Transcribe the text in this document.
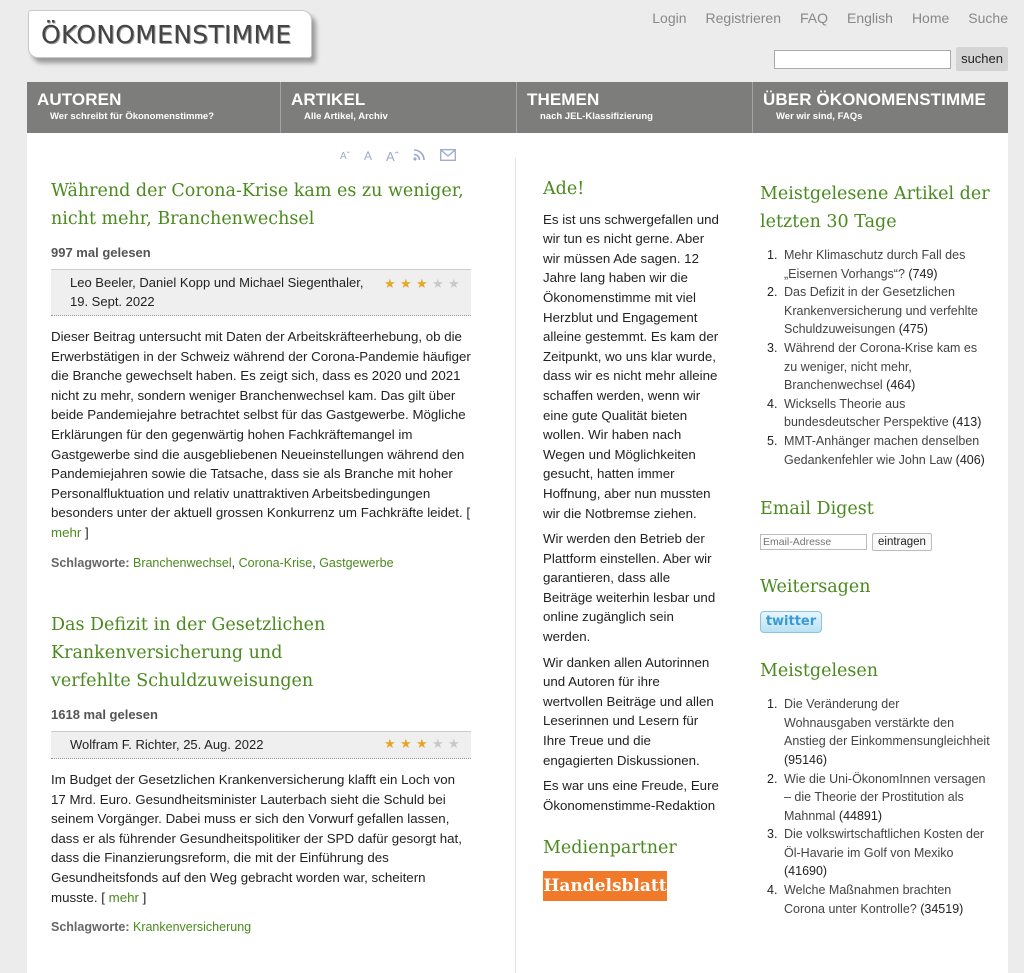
ÖKONOMENSTIMME
Login Registrieren FAQ English Home Suche
suchen
AUTOREN
Wer schreibt für Ökonomenstimme?
ARTIKEL
Alle Artikel, Archiv
THEMEN
nach JEL-Klassifizierung
ÜBER ÖKONOMENSTIMME
Wer wir sind, FAQs
Aˇ A Aˆ
Während der Corona-Krise kam es zu weniger, nicht mehr, Branchenwechsel
997 mal gelesen
Leo Beeler, Daniel Kopp und Michael Siegenthaler,
19. Sept. 2022
★ ★ ★ ★ ★
Dieser Beitrag untersucht mit Daten der Arbeitskräfteerhebung, ob die Erwerbstätigen in der Schweiz während der Corona-Pandemie häufiger die Branche gewechselt haben. Es zeigt sich, dass es 2020 und 2021 nicht zu mehr, sondern weniger Branchenwechsel kam. Das gilt über beide Pandemiejahre betrachtet selbst für das Gastgewerbe. Mögliche Erklärungen für den gegenwärtig hohen Fachkräftemangel im Gastgewerbe sind die ausgebliebenen Neueinstellungen während den Pandemiejahren sowie die Tatsache, dass sie als Branche mit hoher Personalfluktuation und relativ unattraktiven Arbeitsbedingungen besonders unter der aktuell grossen Konkurrenz um Fachkräfte leidet. [ mehr ]
Schlagworte: Branchenwechsel, Corona-Krise, Gastgewerbe
Das Defizit in der Gesetzlichen Krankenversicherung und verfehlte Schuldzuweisungen
1618 mal gelesen
Wolfram F. Richter, 25. Aug. 2022	★ ★ ★ ★ ★
Im Budget der Gesetzlichen Krankenversicherung klafft ein Loch von 17 Mrd. Euro. Gesundheitsminister Lauterbach sieht die Schuld bei seinem Vorgänger. Dabei muss er sich den Vorwurf gefallen lassen, dass er als führender Gesundheitspolitiker der SPD dafür gesorgt hat, dass die Finanzierungsreform, die mit der Einführung des Gesundheitsfonds auf den Weg gebracht worden war, scheitern musste. [ mehr ]
Schlagworte: Krankenversicherung
Ade!

Es ist uns schwergefallen und wir tun es nicht gerne. Aber wir müssen Ade sagen. 12 Jahre lang haben wir die Ökonomenstimme mit viel Herzblut und Engagement alleine gestemmt. Es kam der Zeitpunkt, wo uns klar wurde, dass wir es nicht mehr alleine schaffen werden, wenn wir eine gute Qualität bieten wollen. Wir haben nach Wegen und Möglichkeiten gesucht, hatten immer Hoffnung, aber nun mussten wir die Notbremse ziehen.

Wir werden den Betrieb der Plattform einstellen. Aber wir garantieren, dass alle Beiträge weiterhin lesbar und online zugänglich sein werden.

Wir danken allen Autorinnen und Autoren für ihre wertvollen Beiträge und allen Leserinnen und Lesern für Ihre Treue und die engagierten Diskussionen.

Es war uns eine Freude, Eure Ökonomenstimme-Redaktion

Medienpartner
Handelsblatt
Meistgelesene Artikel der letzten 30 Tage
1. Mehr Klimaschutz durch Fall des „Eisernen Vorhangs“? (749)
2. Das Defizit in der Gesetzlichen Krankenversicherung und verfehlte Schuldzuweisungen (475)
3. Während der Corona-Krise kam es zu weniger, nicht mehr, Branchenwechsel (464)
4. Wicksells Theorie aus bundesdeutscher Perspektive (413)
5. MMT-Anhänger machen denselben Gedankenfehler wie John Law (406)
Email Digest
Email-Adresse
eintragen
Weitersagen
twitter
Meistgelesen
1. Die Veränderung der Wohnausgaben verstärkte den Anstieg der Einkommensungleichheit (95146)
2. Wie die Uni-ÖkonomInnen versagen – die Theorie der Prostitution als Mahnmal (44891)
3. Die volkswirtschaftlichen Kosten der Öl-Havarie im Golf von Mexiko (41690)
4. Welche Maßnahmen brachten Corona unter Kontrolle? (34519)
